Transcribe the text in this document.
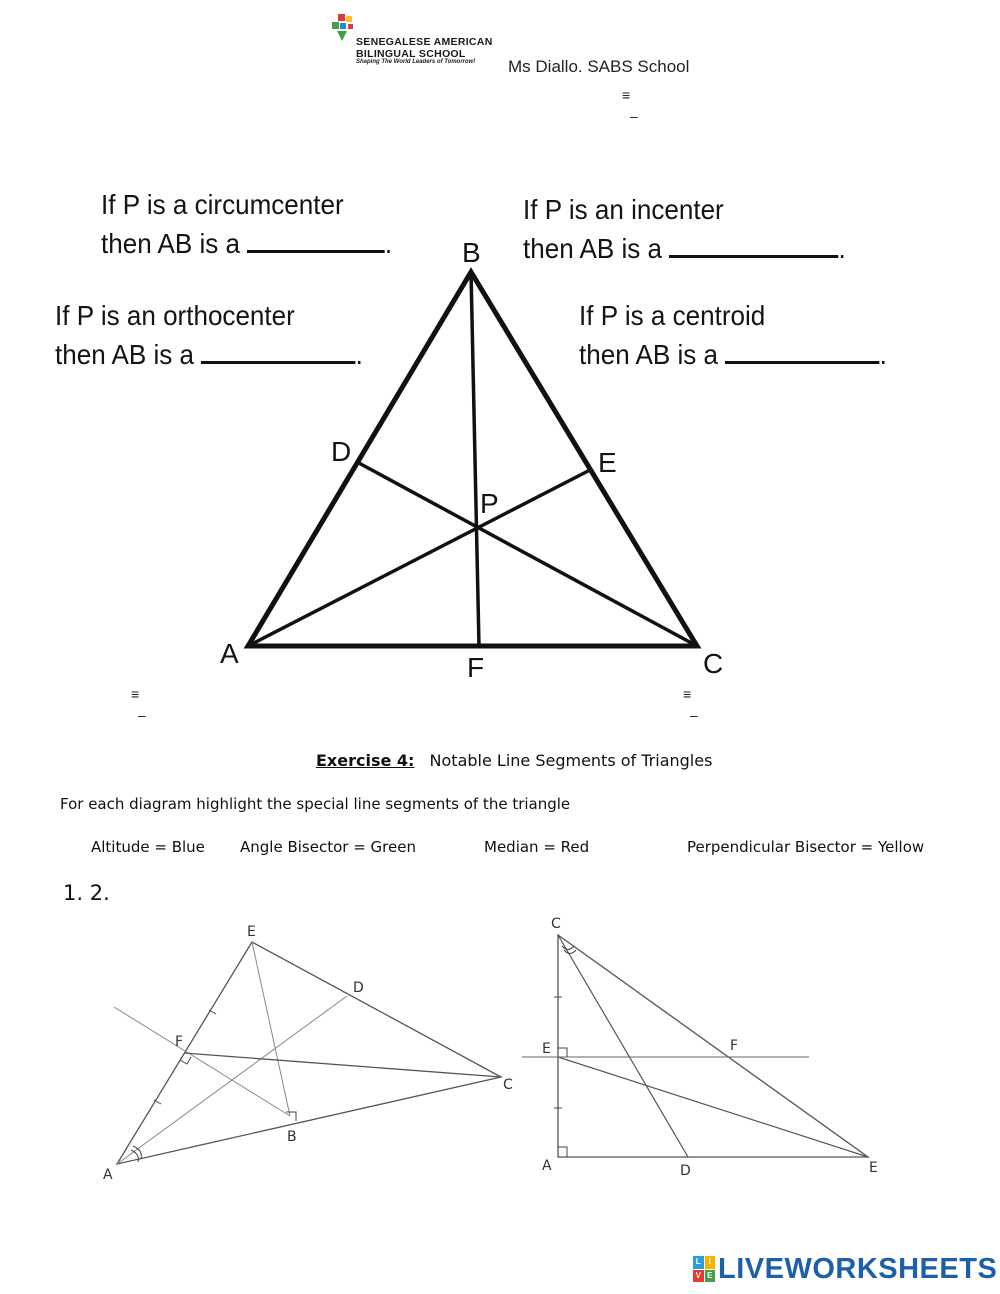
SENEGALESE AMERICAN
BILINGUAL SCHOOL
Shaping The World Leaders of Tomorrow! Ms Diallo. SABS School
≡
–
≡
–
≡
–
If P is a circumcenter
then AB is a	.
If P is an incenter
then AB is a	.
If P is an orthocenter
then AB is a	.
If P is a centroid
then AB is a	.
B
A	C
D	E
F
P
Exercise 4: Notable Line Segments of Triangles
For each diagram highlight the special line segments of the triangle
Altitude = Blue Angle Bisector = Green	Median = Red	Perpendicular Bisector = Yellow
1. 2.
E
D
F
C
B
A
C
E	F
A	D	E
L I
V E LIVEWORKSHEETS
